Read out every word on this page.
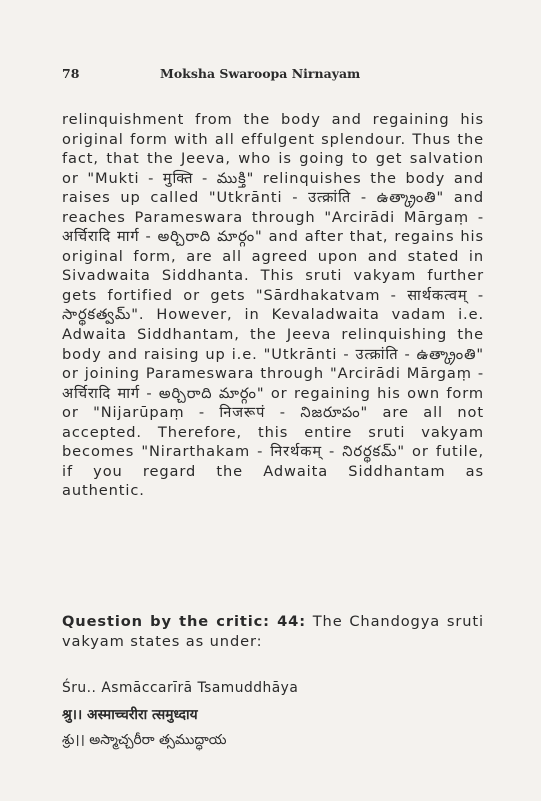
78	Moksha Swaroopa Nirnayam

relinquishment from the body and regaining his original form with all effulgent splendour. Thus the fact, that the Jeeva, who is going to get salvation or "Mukti - मुक्ति - ముక్తి" relinquishes the body and raises up called "Utkrānti - उत्क्रांति - ఉత్క్రాంతి" and reaches Parameswara through "Arcirādi Mārgaṃ - अर्चिरादि मार्ग - అర్చిరాది మార్గం" and after that, regains his original form, are all agreed upon and stated in Sivadwaita Siddhanta. This sruti vakyam further gets fortified or gets "Sārdhakatvam - सार्थकत्वम् - సార్థకత్వమ్". However, in Kevaladwaita vadam i.e. Adwaita Siddhantam, the Jeeva relinquishing the body and raising up i.e. "Utkrānti - उत्क्रांति - ఉత్క్రాంతి" or joining Parameswara through "Arcirādi Mārgaṃ - अर्चिरादि मार्ग - అర్చిరాది మార్గం" or regaining his own form or "Nijarūpaṃ - निजरूपं - నిజరూపం" are all not accepted. Therefore, this entire sruti vakyam becomes "Nirarthakam - निरर्थकम् - నిరర్థకమ్" or futile, if you regard the Adwaita Siddhantam as authentic.

Question by the critic: 44: The Chandogya sruti vakyam states as under:

Śru.. Asmāccarīrā Tsamuddhāya

श्रु।। अस्माच्चरीरा त्समुध्दाय

శ్రు।। అస్మాచ్చరీరా త్సముద్ధాయ
